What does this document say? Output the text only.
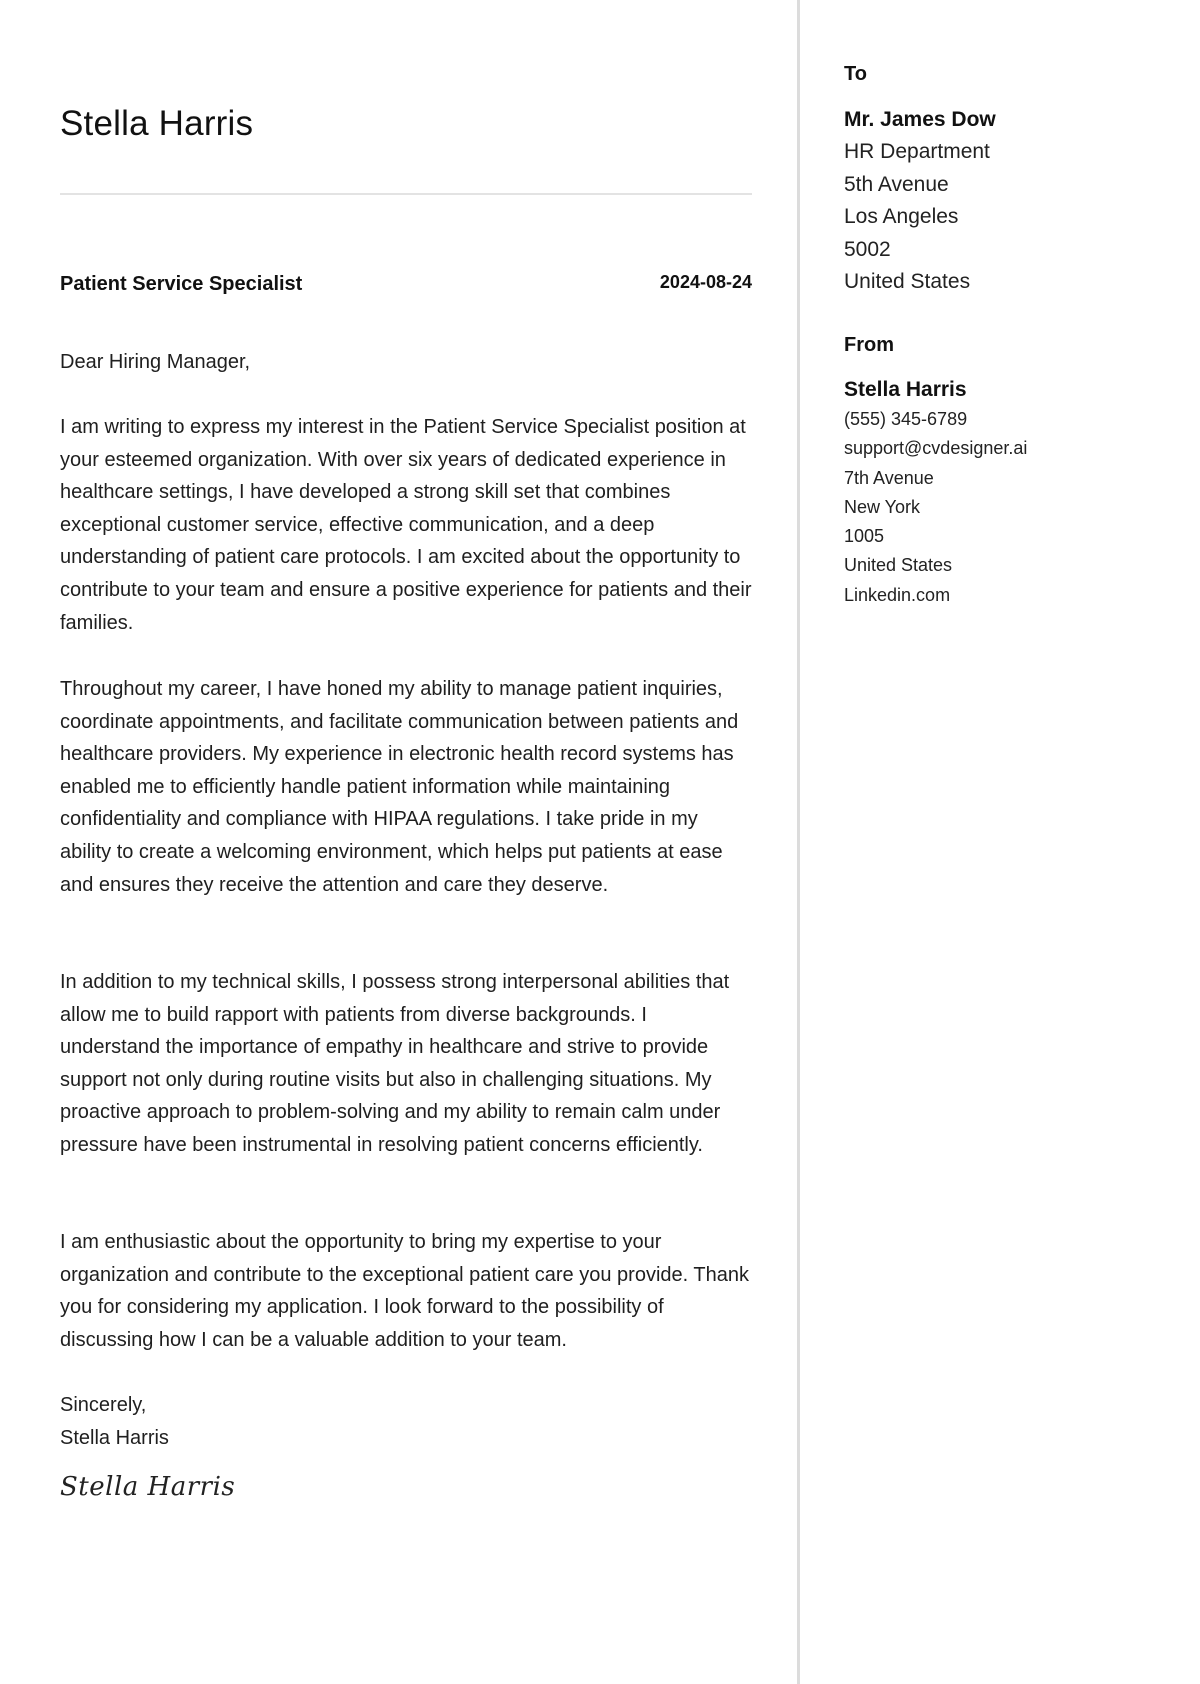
Stella Harris
Patient Service Specialist	2024-08-24

Dear Hiring Manager,

I am writing to express my interest in the Patient Service Specialist position at your esteemed organization. With over six years of dedicated experience in healthcare settings, I have developed a strong skill set that combines exceptional customer service, effective communication, and a deep understanding of patient care protocols. I am excited about the opportunity to contribute to your team and ensure a positive experience for patients and their families.

Throughout my career, I have honed my ability to manage patient inquiries, coordinate appointments, and facilitate communication between patients and healthcare providers. My experience in electronic health record systems has enabled me to efficiently handle patient information while maintaining confidentiality and compliance with HIPAA regulations. I take pride in my ability to create a welcoming environment, which helps put patients at ease and ensures they receive the attention and care they deserve.

In addition to my technical skills, I possess strong interpersonal abilities that allow me to build rapport with patients from diverse backgrounds. I understand the importance of empathy in healthcare and strive to provide support not only during routine visits but also in challenging situations. My proactive approach to problem-solving and my ability to remain calm under pressure have been instrumental in resolving patient concerns efficiently.

I am enthusiastic about the opportunity to bring my expertise to your organization and contribute to the exceptional patient care you provide. Thank you for considering my application. I look forward to the possibility of discussing how I can be a valuable addition to your team.

Sincerely,

Stella Harris

Stella Harris
To
Mr. James Dow
HR Department
5th Avenue
Los Angeles
5002
United States
From
Stella Harris
(555) 345-6789
support@cvdesigner.ai
7th Avenue
New York
1005
United States
Linkedin.com
